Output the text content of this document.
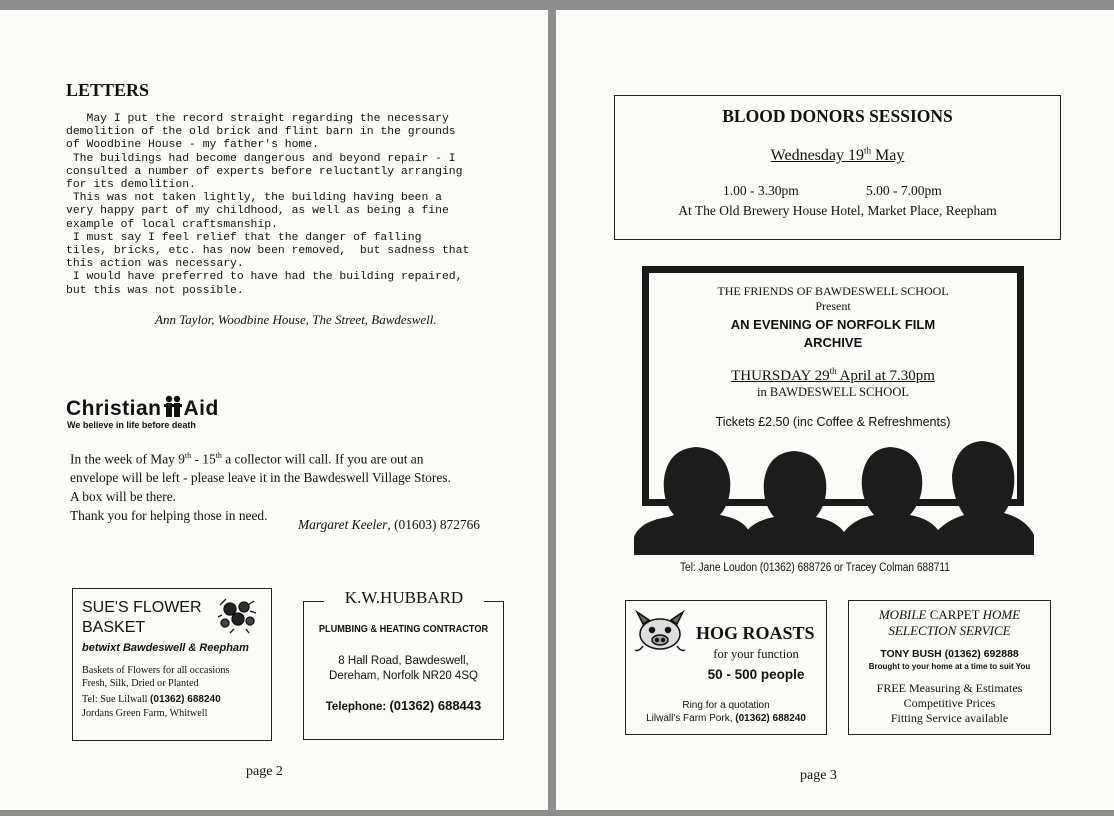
LETTERS
May I put the record straight regarding the necessary
demolition of the old brick and flint barn in the grounds
of Woodbine House - my father's home.
The buildings had become dangerous and beyond repair - I
consulted a number of experts before reluctantly arranging
for its demolition.
This was not taken lightly, the building having been a
very happy part of my childhood, as well as being a fine
example of local craftsmanship.
I must say I feel relief that the danger of falling
tiles, bricks, etc. has now been removed,  but sadness that
this action was necessary.
I would have preferred to have had the building repaired,
but this was not possible.
Ann Taylor, Woodbine House, The Street, Bawdeswell.
Christian Aid
We believe in life before death

In the week of May 9th - 15th a collector will call. If you are out an

envelope will be left - please leave it in the Bawdeswell Village Stores.

A box will be there.

Thank you for helping those in need.

Margaret Keeler, (01603) 872766
SUE'S FLOWER
BASKET
betwixt Bawdeswell & Reepham
Baskets of Flowers for all occasions
Fresh, Silk, Dried or Planted
Tel: Sue Lilwall (01362) 688240
Jordans Green Farm, Whitwell
K.W.HUBBARD
PLUMBING & HEATING CONTRACTOR
8 Hall Road, Bawdeswell,
Dereham, Norfolk NR20 4SQ
Telephone: (01362) 688443
page 2
BLOOD DONORS SESSIONS
Wednesday 19th May
1.00 - 3.30pm	5.00 - 7.00pm
At The Old Brewery House Hotel, Market Place, Reepham
THE FRIENDS OF BAWDESWELL SCHOOL
Present
AN EVENING OF NORFOLK FILM
ARCHIVE
THURSDAY 29th April at 7.30pm
in BAWDESWELL SCHOOL
Tickets £2.50 (inc Coffee & Refreshments)
Tel: Jane Loudon (01362) 688726 or Tracey Colman 688711
HOG ROASTS
for your function
50 - 500 people
Ring for a quotation
Lilwall's Farm Pork, (01362) 688240
MOBILE CARPET HOME
SELECTION SERVICE
TONY BUSH (01362) 692888
Brought to your home at a time to suit You
FREE Measuring & Estimates
Competitive Prices
Fitting Service available
page 3
